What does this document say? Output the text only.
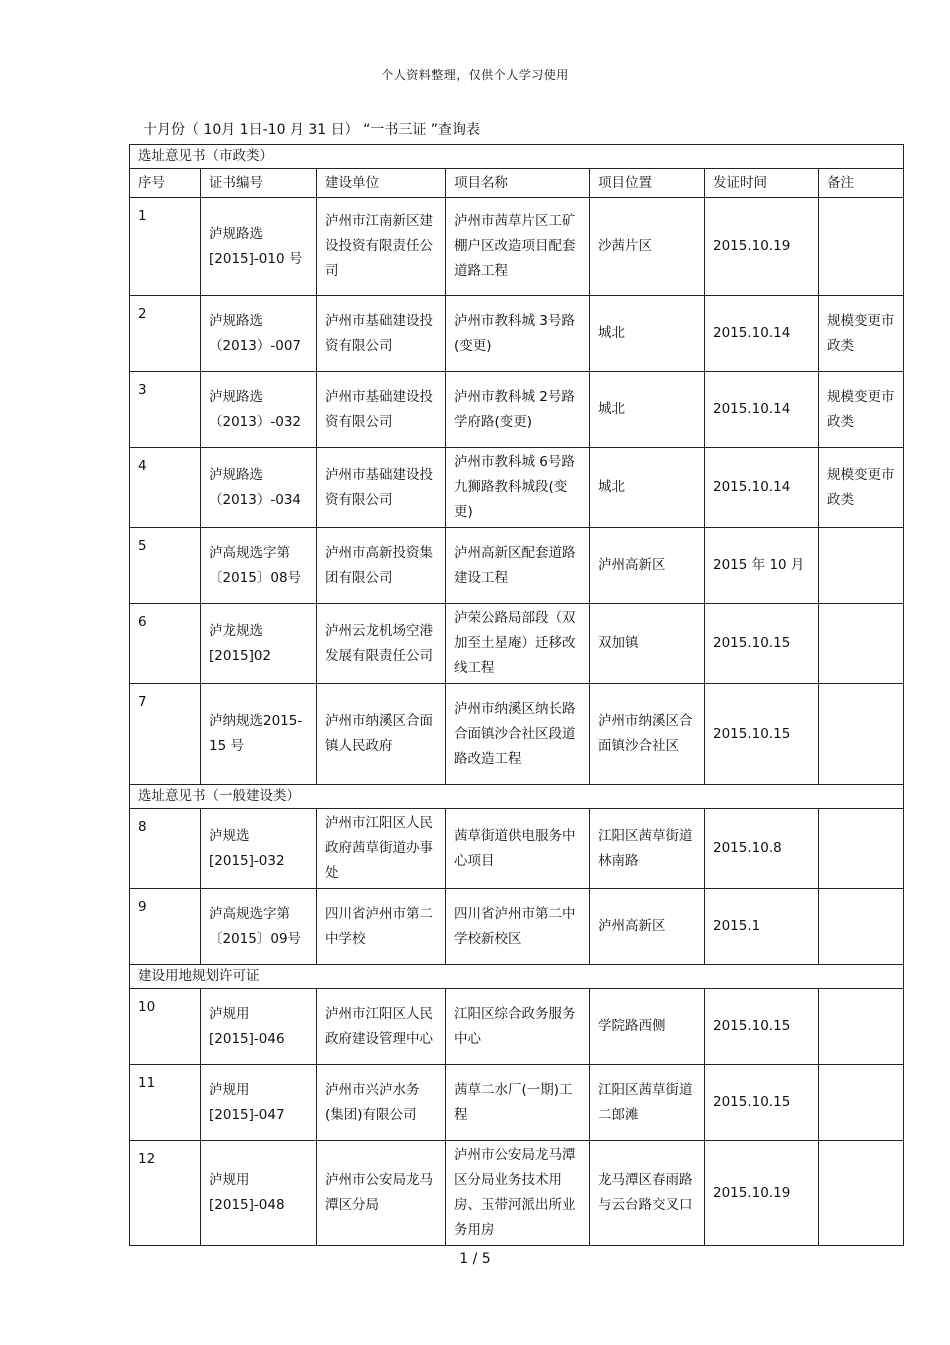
个人资料整理，仅供个人学习使用
十月份（ 10月 1日-10 月 31 日） “一书三证 ”查询表
选址意见书（市政类）						
序号	证书编号	建设单位	项目名称	项目位置	发证时间	备注
1	泸规路选[2015]-010 号	泸州市江南新区建设投资有限责任公司	泸州市茜草片区工矿棚户区改造项目配套道路工程	沙茜片区	2015.10.19	
2	泸规路选（2013）-007	泸州市基础建设投资有限公司	泸州市教科城 3号路(变更)	城北	2015.10.14	规模变更市政类
3	泸规路选（2013）-032	泸州市基础建设投资有限公司	泸州市教科城 2号路学府路(变更)	城北	2015.10.14	规模变更市政类
4	泸规路选（2013）-034	泸州市基础建设投资有限公司	泸州市教科城 6号路九狮路教科城段(变更)	城北	2015.10.14	规模变更市政类
5	泸高规选字第〔2015〕08号	泸州市高新投资集团有限公司	泸州高新区配套道路建设工程	泸州高新区	2015 年 10 月	
6	泸龙规选[2015]02	泸州云龙机场空港发展有限责任公司	泸荣公路局部段（双加至土星庵）迁移改线工程	双加镇	2015.10.15	
7	泸纳规选2015-15 号	泸州市纳溪区合面镇人民政府	泸州市纳溪区纳长路合面镇沙合社区段道路改造工程	泸州市纳溪区合面镇沙合社区	2015.10.15	
选址意见书（一般建设类）						
8	泸规选[2015]-032	泸州市江阳区人民政府茜草街道办事处	茜草街道供电服务中心项目	江阳区茜草街道林南路	2015.10.8	
9	泸高规选字第〔2015〕09号	四川省泸州市第二中学校	四川省泸州市第二中学校新校区	泸州高新区	2015.1	
建设用地规划许可证						
10	泸规用[2015]-046	泸州市江阳区人民政府建设管理中心	江阳区综合政务服务中心	学院路西侧	2015.10.15	
11	泸规用[2015]-047	泸州市兴泸水务(集团)有限公司	茜草二水厂(一期)工程	江阳区茜草街道二郎滩	2015.10.15	
12	泸规用[2015]-048	泸州市公安局龙马潭区分局	泸州市公安局龙马潭区分局业务技术用房、玉带河派出所业务用房	龙马潭区春雨路与云台路交叉口	2015.10.19	
1 / 5
